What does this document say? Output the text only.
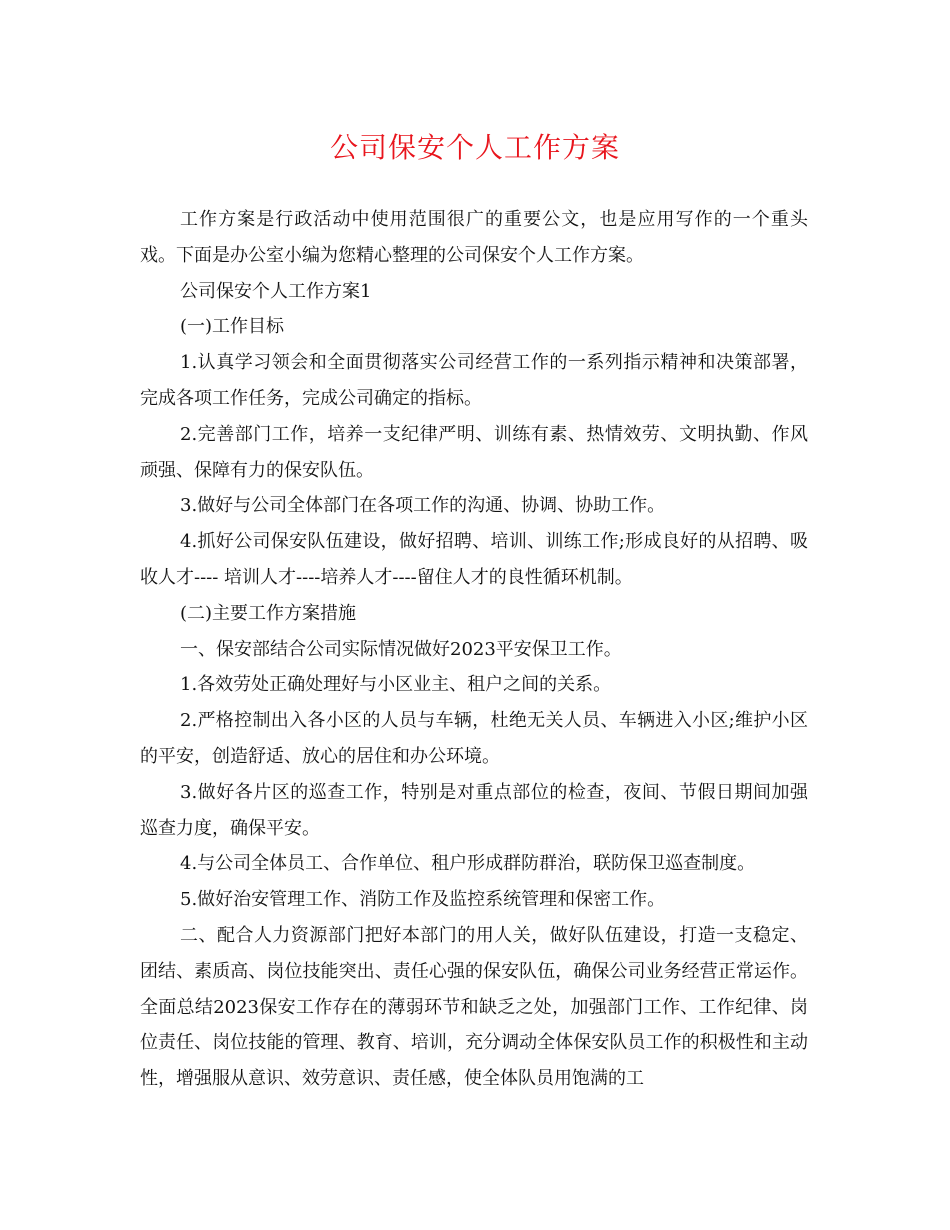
公司保安个人工作方案

工作方案是行政活动中使用范围很广的重要公文，也是应用写作的一个重头戏。下面是办公室小编为您精心整理的公司保安个人工作方案。

公司保安个人工作方案1

(一)工作目标

1.认真学习领会和全面贯彻落实公司经营工作的一系列指示精神和决策部署，完成各项工作任务，完成公司确定的指标。

2.完善部门工作，培养一支纪律严明、训练有素、热情效劳、文明执勤、作风顽强、保障有力的保安队伍。

3.做好与公司全体部门在各项工作的沟通、协调、协助工作。

4.抓好公司保安队伍建设，做好招聘、培训、训练工作;形成良好的从招聘、吸收人才---- 培训人才----培养人才----留住人才的良性循环机制。

(二)主要工作方案措施

一、保安部结合公司实际情况做好2023平安保卫工作。

1.各效劳处正确处理好与小区业主、租户之间的关系。

2.严格控制出入各小区的人员与车辆，杜绝无关人员、车辆进入小区;维护小区的平安，创造舒适、放心的居住和办公环境。

3.做好各片区的巡查工作，特别是对重点部位的检查，夜间、节假日期间加强巡查力度，确保平安。

4.与公司全体员工、合作单位、租户形成群防群治，联防保卫巡查制度。

5.做好治安管理工作、消防工作及监控系统管理和保密工作。

二、配合人力资源部门把好本部门的用人关，做好队伍建设，打造一支稳定、团结、素质高、岗位技能突出、责任心强的保安队伍，确保公司业务经营正常运作。 全面总结2023保安工作存在的薄弱环节和缺乏之处，加强部门工作、工作纪律、岗位责任、岗位技能的管理、教育、培训，充分调动全体保安队员工作的积极性和主动性，增强服从意识、效劳意识、责任感，使全体队员用饱满的工
